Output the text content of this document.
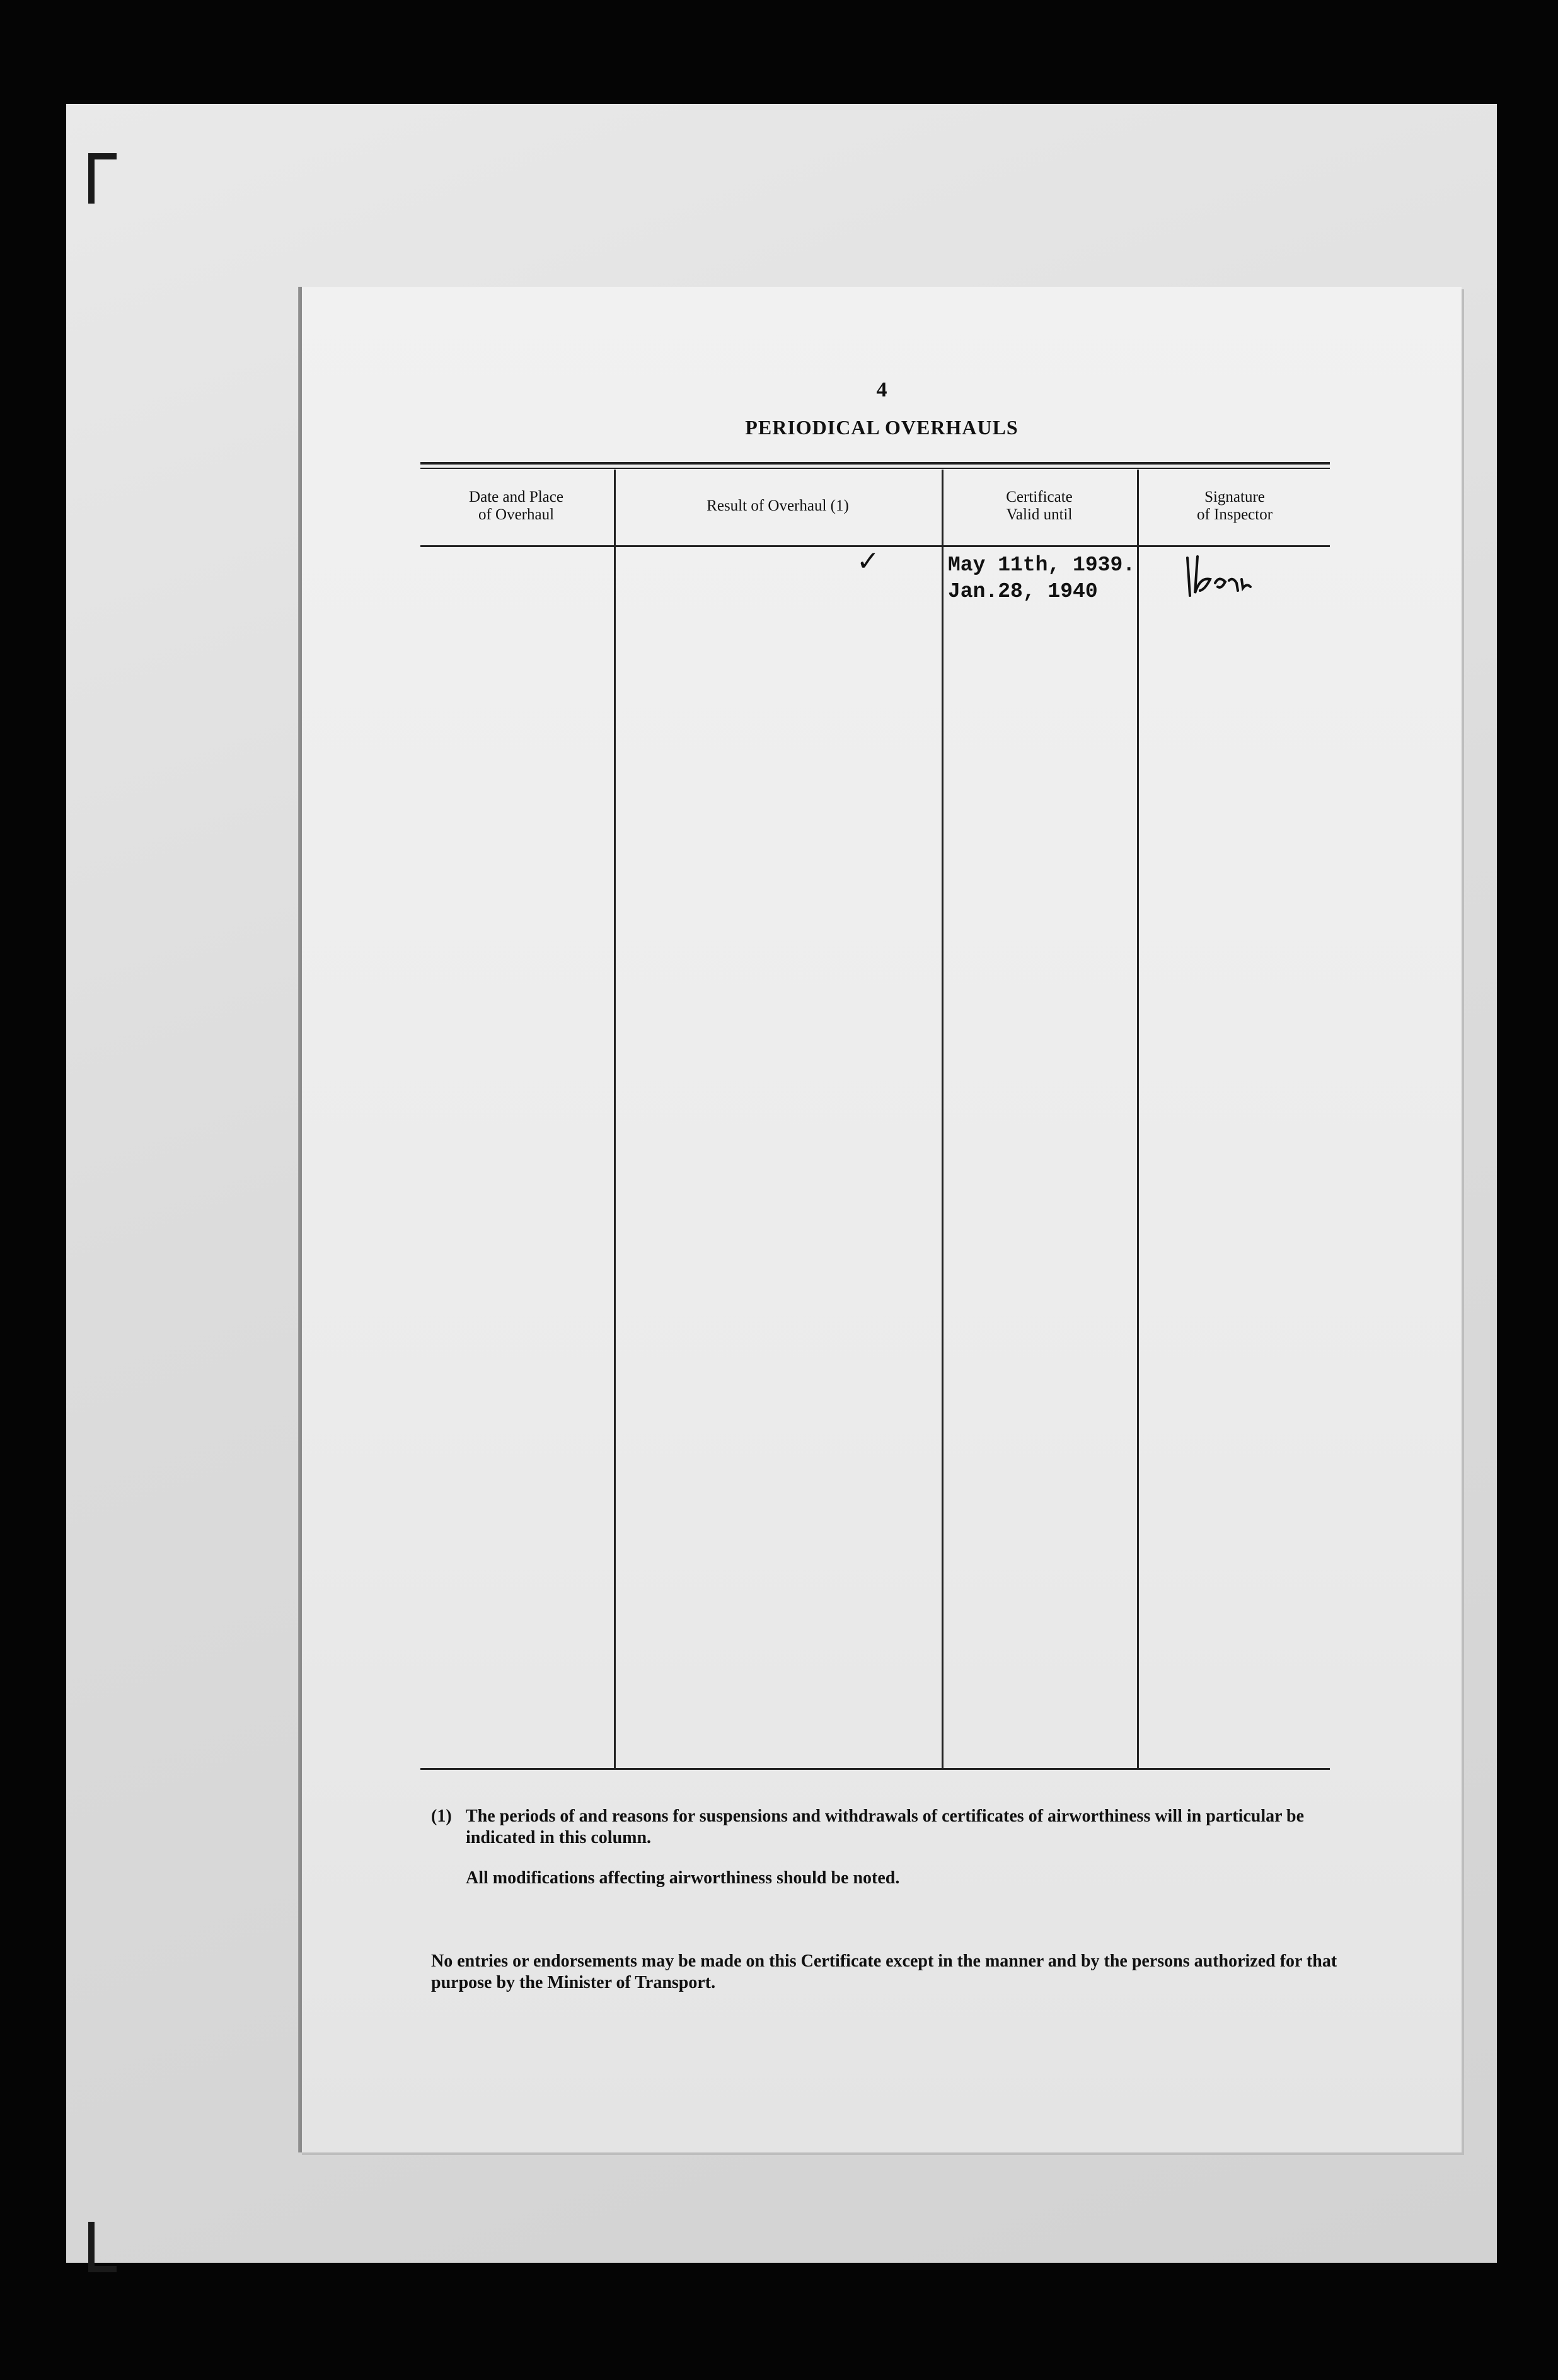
4
PERIODICAL OVERHAULS
Date and Place
of Overhaul
Result of Overhaul (1)
Certificate
Valid until
Signature
of Inspector
✓	May 11th, 1939.
Jan.28, 1940
(1) The periods of and reasons for suspensions and withdrawals of certificates of airworthiness will in particular be indicated in this column.
All modifications affecting airworthiness should be noted.
No entries or endorsements may be made on this Certificate except in the manner and by the persons authorized for that purpose by the Minister of Transport.
